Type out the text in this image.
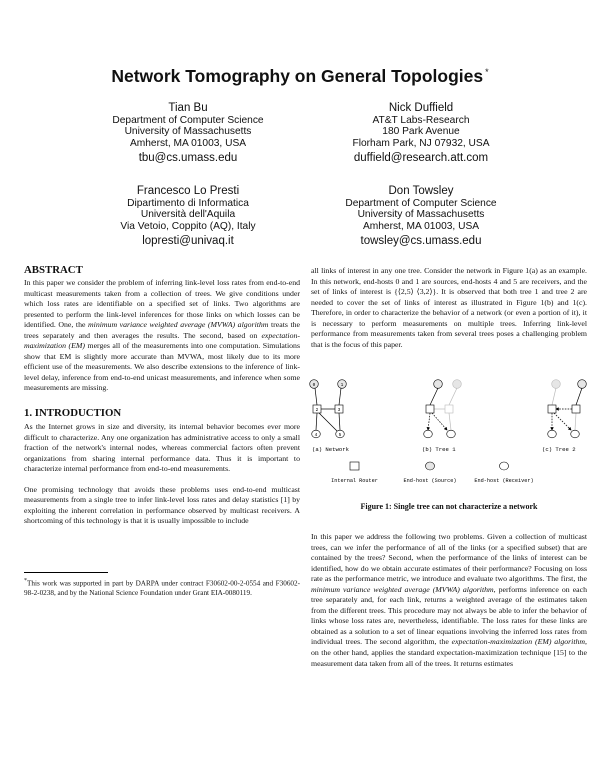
Network Tomography on General Topologies *
Tian Bu
Department of Computer Science
University of Massachusetts
Amherst, MA 01003, USA
tbu@cs.umass.edu
Nick Duffield
AT&T Labs-Research
180 Park Avenue
Florham Park, NJ 07932, USA
duffield@research.att.com
Francesco Lo Presti
Dipartimento di Informatica
Università dell'Aquila
Via Vetoio, Coppito (AQ), Italy
lopresti@univaq.it
Don Towsley
Department of Computer Science
University of Massachusetts
Amherst, MA 01003, USA
towsley@cs.umass.edu
ABSTRACT
In this paper we consider the problem of inferring link-level loss rates from end-to-end multicast measurements taken from a collection of trees. We give conditions under which loss rates are identifiable on a specified set of links. Two algorithms are presented to perform the link-level inferences for those links on which losses can be identified. One, the minimum variance weighted average (MVWA) algorithm treats the trees separately and then averages the results. The second, based on expectation-maximization (EM) merges all of the measurements into one computation. Simulations show that EM is slightly more accurate than MVWA, most likely due to its more efficient use of the measurements. We also describe extensions to the inference of link-level delay, inference from end-to-end unicast measurements, and inference when some measurements are missing.
1. INTRODUCTION

As the Internet grows in size and diversity, its internal behavior becomes ever more difficult to characterize. Any one organization has administrative access to only a small fraction of the network's internal nodes, whereas commercial factors often prevent organizations from sharing internal performance data. Thus it is important to characterize internal performance from end-to-end measurements.

One promising technology that avoids these problems uses end-to-end multicast measurements from a single tree to infer link-level loss rates and delay statistics [1] by exploiting the inherent correlation in performance observed by multicast receivers. A shortcoming of this technology is that it is usually impossible to include

*This work was supported in part by DARPA under contract F30602-00-2-0554 and F30602-98-2-0238, and by the National Science Foundation under Grant EIA-0080119.

all links of interest in any one tree. Consider the network in Figure 1(a) as an example. In this network, end-hosts 0 and 1 are sources, end-hosts 4 and 5 are receivers, and the set of links of interest is {⟨2,5⟩ ⟨3,2⟩}. It is observed that both tree 1 and tree 2 are needed to cover the set of links of interest as illustrated in Figure 1(b) and 1(c). Therefore, in order to characterize the behavior of a network (or even a portion of it), it is necessary to perform measurements on multiple trees. Inferring link-level performance from measurements taken from several trees poses a challenging problem that is the focus of this paper.

0	1
2	3
4	5
(a) Network	(b) Tree 1	(c) Tree 2
Internal Router	End-host (Source)	End-host (Receiver)
Figure 1: Single tree can not characterize a network

In this paper we address the following two problems. Given a collection of multicast trees, can we infer the performance of all of the links (or a specified subset) that are contained by the trees? Second, when the performance of the links of interest can be identified, how do we obtain accurate estimates of their performance? Focusing on loss rate as the performance metric, we introduce and evaluate two algorithms. The first, the minimum variance weighted average (MVWA) algorithm, performs inference on each tree separately and, for each link, returns a weighted average of the estimates taken from the different trees. This procedure may not always be able to infer the behavior of links whose loss rates are, nevertheless, identifiable. The loss rates for these links are obtained as a solution to a set of linear equations involving the inferred loss rates from individual trees. The second algorithm, the expectation-maximization (EM) algorithm, on the other hand, applies the standard expectation-maximization technique [15] to the measurement data taken from all of the trees. It returns estimates
